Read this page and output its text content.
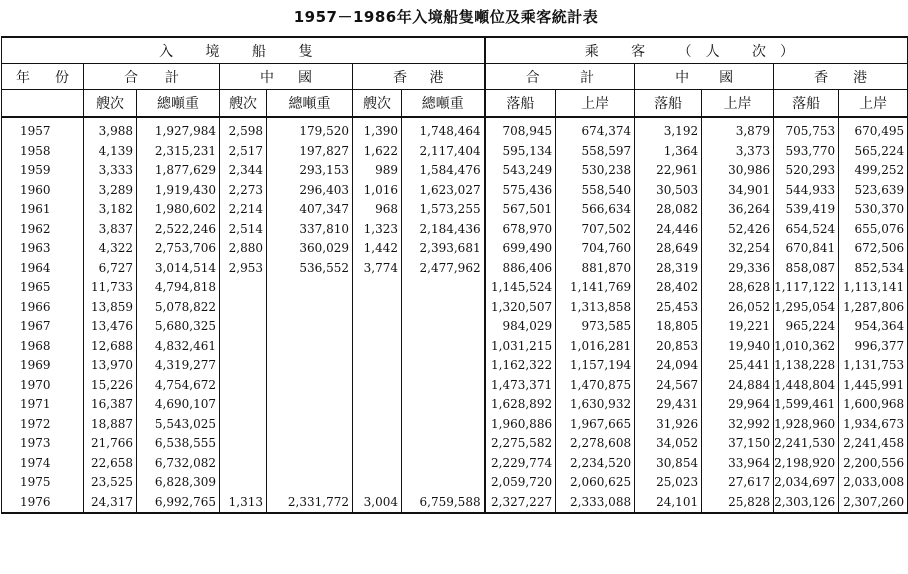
1957－1986年入境船隻噸位及乘客統計表
入 境 船 隻							乘 客 （人 次）					

年 份	合 計		中 國		香 港		合 計		中 國		香 港	

	艘次	總噸重	艘次	總噸重	艘次	總噸重	落船	上岸	落船	上岸	落船	上岸
1957	3,988	1,927,984	2,598	179,520	1,390	1,748,464	708,945	674,374	3,192	3,879	705,753	670,495
1958	4,139	2,315,231	2,517	197,827	1,622	2,117,404	595,134	558,597	1,364	3,373	593,770	565,224
1959	3,333	1,877,629	2,344	293,153	989	1,584,476	543,249	530,238	22,961	30,986	520,293	499,252
1960	3,289	1,919,430	2,273	296,403	1,016	1,623,027	575,436	558,540	30,503	34,901	544,933	523,639
1961	3,182	1,980,602	2,214	407,347	968	1,573,255	567,501	566,634	28,082	36,264	539,419	530,370
1962	3,837	2,522,246	2,514	337,810	1,323	2,184,436	678,970	707,502	24,446	52,426	654,524	655,076
1963	4,322	2,753,706	2,880	360,029	1,442	2,393,681	699,490	704,760	28,649	32,254	670,841	672,506
1964	6,727	3,014,514	2,953	536,552	3,774	2,477,962	886,406	881,870	28,319	29,336	858,087	852,534
1965	11,733	4,794,818					1,145,524	1,141,769	28,402	28,628	1,117,122	1,113,141
1966	13,859	5,078,822					1,320,507	1,313,858	25,453	26,052	1,295,054	1,287,806
1967	13,476	5,680,325					984,029	973,585	18,805	19,221	965,224	954,364
1968	12,688	4,832,461					1,031,215	1,016,281	20,853	19,940	1,010,362	996,377
1969	13,970	4,319,277					1,162,322	1,157,194	24,094	25,441	1,138,228	1,131,753
1970	15,226	4,754,672					1,473,371	1,470,875	24,567	24,884	1,448,804	1,445,991
1971	16,387	4,690,107					1,628,892	1,630,932	29,431	29,964	1,599,461	1,600,968
1972	18,887	5,543,025					1,960,886	1,967,665	31,926	32,992	1,928,960	1,934,673
1973	21,766	6,538,555					2,275,582	2,278,608	34,052	37,150	2,241,530	2,241,458
1974	22,658	6,732,082					2,229,774	2,234,520	30,854	33,964	2,198,920	2,200,556
1975	23,525	6,828,309					2,059,720	2,060,625	25,023	27,617	2,034,697	2,033,008
1976	24,317	6,992,765	1,313	2,331,772	3,004	6,759,588	2,327,227	2,333,088	24,101	25,828	2,303,126	2,307,260
